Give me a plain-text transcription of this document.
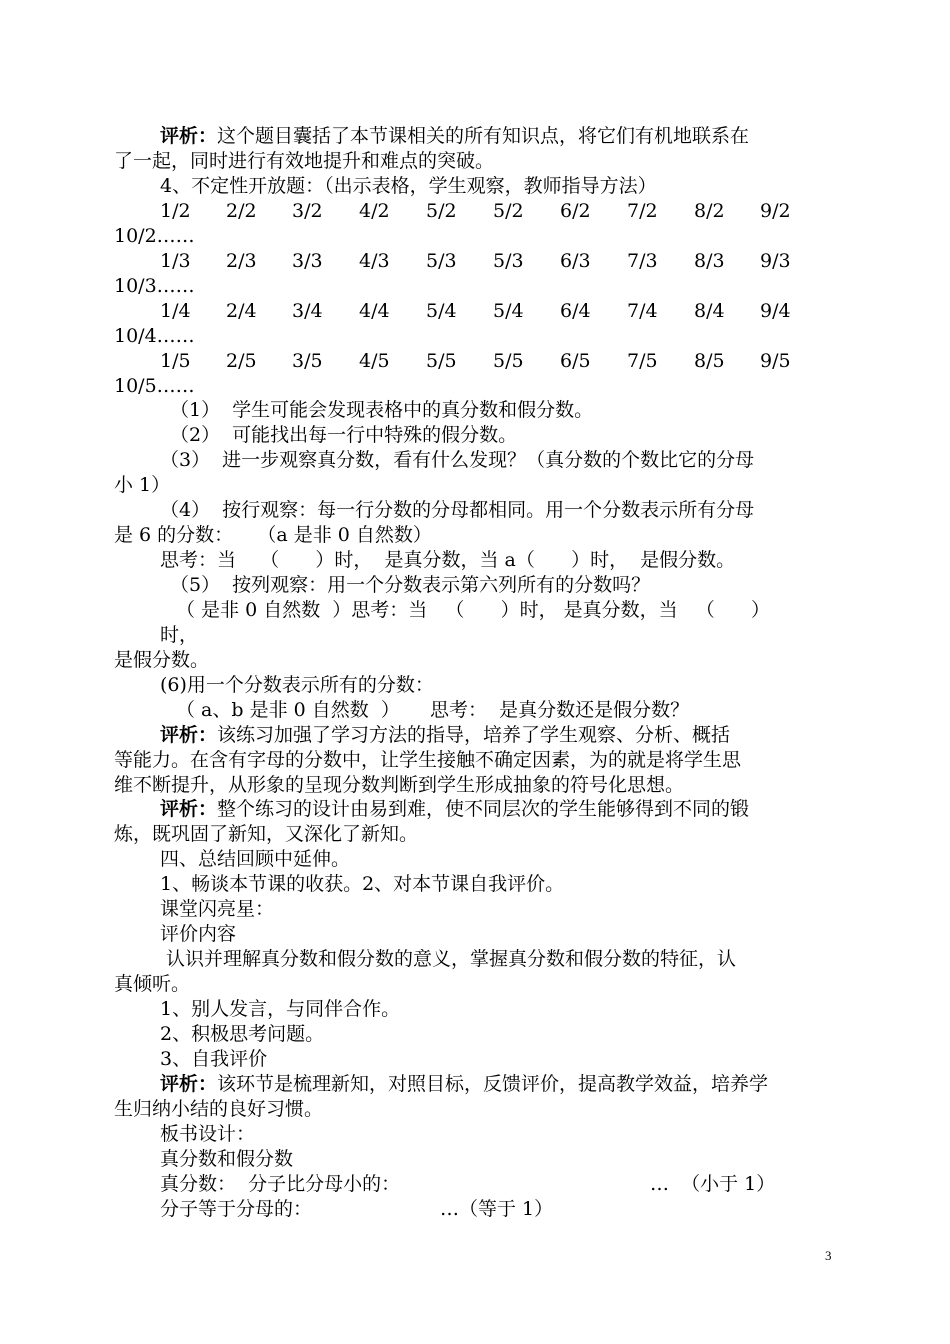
评析：这个题目囊括了本节课相关的所有知识点，将它们有机地联系在
了一起，同时进行有效地提升和难点的突破。
4、不定性开放题：（出示表格，学生观察，教师指导方法）
1/2 2/2 3/2 4/2 5/2 5/2 6/2 7/2 8/2 9/2
10/2……
1/3 2/3 3/3 4/3 5/3 5/3 6/3 7/3 8/3 9/3
10/3……
1/4 2/4 3/4 4/4 5/4 5/4 6/4 7/4 8/4 9/4
10/4……
1/5 2/5 3/5 4/5 5/5 5/5 6/5 7/5 8/5 9/5
10/5……
（1）  学生可能会发现表格中的真分数和假分数。
（2）  可能找出每一行中特殊的假分数。
（3）  进一步观察真分数，看有什么发现？（真分数的个数比它的分母
小 1）
（4）  按行观察：每一行分数的分母都相同。用一个分数表示所有分母
是 6 的分数：    （a 是非 0 自然数）
思考：当    （      ）时，  是真分数，当 a（      ）时，  是假分数。
（5）  按列观察：用一个分数表示第六列所有的分数吗？
（ 是非 0 自然数  ）思考：当   （      ）时， 是真分数，当   （      ）
时，
是假分数。
(6)用一个分数表示所有的分数：
（ a、b 是非 0 自然数  ）     思考：  是真分数还是假分数？
评析：该练习加强了学习方法的指导，培养了学生观察、分析、概括
等能力。在含有字母的分数中，让学生接触不确定因素，为的就是将学生思
维不断提升，从形象的呈现分数判断到学生形成抽象的符号化思想。
评析：整个练习的设计由易到难，使不同层次的学生能够得到不同的锻
炼，既巩固了新知，又深化了新知。
四、总结回顾中延伸。
1、畅谈本节课的收获。2、对本节课自我评价。
课堂闪亮星：
评价内容
认识并理解真分数和假分数的意义，掌握真分数和假分数的特征，认
真倾听。
1、别人发言，与同伴合作。
2、积极思考问题。
3、自我评价
评析：该环节是梳理新知，对照目标，反馈评价，提高教学效益，培养学
生归纳小结的良好习惯。
板书设计：
真分数和假分数
真分数：  分子比分母小的：	…  （小于 1）
分子等于分母的：	…（等于 1）
3
